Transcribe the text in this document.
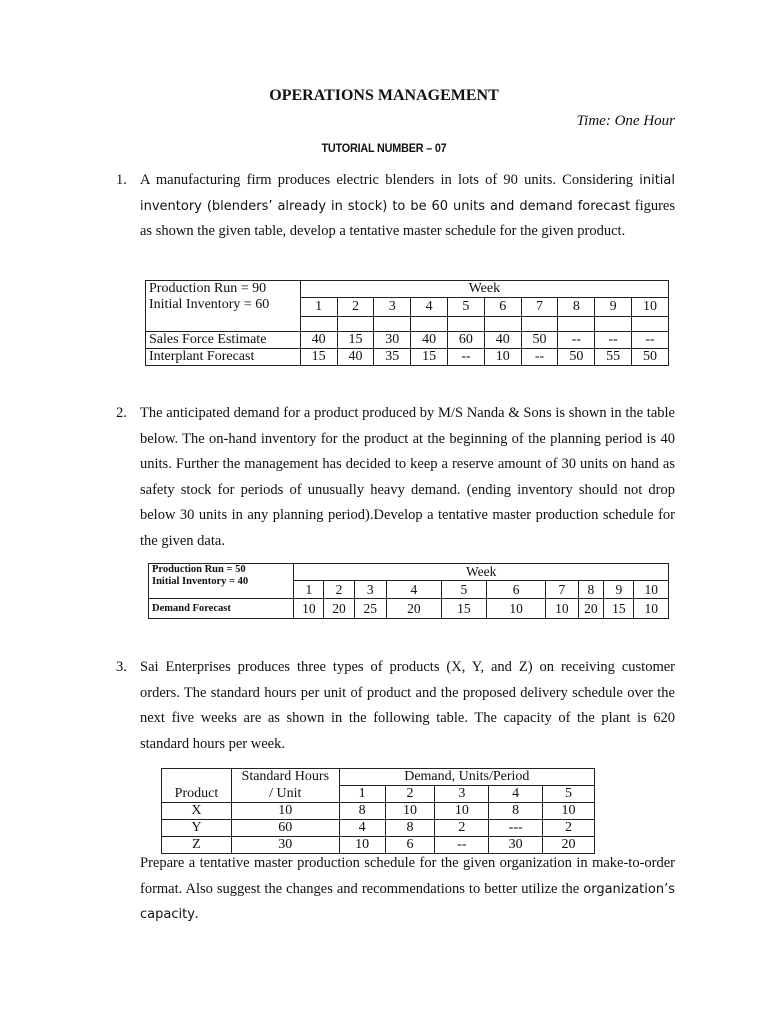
OPERATIONS MANAGEMENT
Time: One Hour
TUTORIAL NUMBER – 07
1. A manufacturing firm produces electric blenders in lots of 90 units. Considering initial inventory (blenders’ already in stock) to be 60 units and demand forecast figures as shown the given table, develop a tentative master schedule for the given product.
Production Run = 90
Initial Inventory = 60	Week									
	1	2	3	4	5	6	7	8	9	10

Sales Force Estimate	40	15	30	40	60	40	50	--	--	--
Interplant Forecast	15	40	35	15	--	10	--	50	55	50
2. The anticipated demand for a product produced by M/S Nanda & Sons is shown in the table below. The on-hand inventory for the product at the beginning of the planning period is 40 units. Further the management has decided to keep a reserve amount of 30 units on hand as safety stock for periods of unusually heavy demand. (ending inventory should not drop below 30 units in any planning period).Develop a tentative master production schedule for the given data.
Production Run = 50
Initial Inventory = 40	Week									
	1	2	3	4	5	6	7	8	9	10
Demand Forecast	10	20	25	20	15	10	10	20	15	10
3. Sai Enterprises produces three types of products (X, Y, and Z) on receiving customer orders. The standard hours per unit of product and the proposed delivery schedule over the next five weeks are as shown in the following table. The capacity of the plant is 620 standard hours per week.
	Standard Hours	Demand, Units/Period				
Product	/ Unit	1	2	3	4	5
X	10	8	10	10	8	10
Y	60	4	8	2	---	2
Z	30	10	6	--	30	20
Prepare a tentative master production schedule for the given organization in make-to-order format. Also suggest the changes and recommendations to better utilize the organization’s capacity.
